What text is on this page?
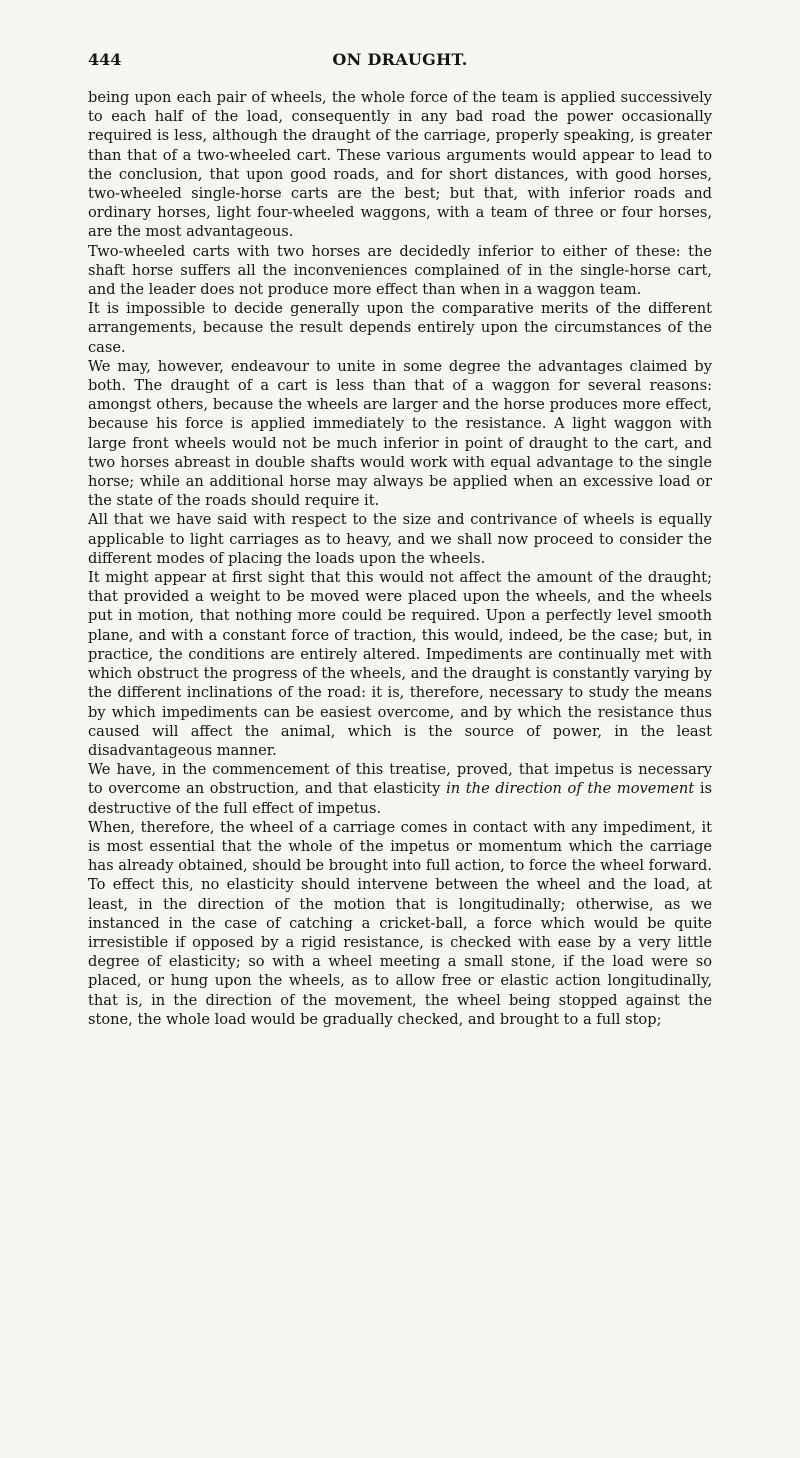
444	ON DRAUGHT.

being upon each pair of wheels, the whole force of the team is applied successively to each half of the load, consequently in any bad road the power occasionally required is less, although the draught of the carriage, properly speaking, is greater than that of a two-wheeled cart. These various arguments would appear to lead to the conclusion, that upon good roads, and for short distances, with good horses, two-wheeled single-horse carts are the best; but that, with inferior roads and ordinary horses, light four-wheeled waggons, with a team of three or four horses, are the most advantageous.

Two-wheeled carts with two horses are decidedly inferior to either of these: the shaft horse suffers all the inconveniences complained of in the single-horse cart, and the leader does not produce more effect than when in a waggon team.

It is impossible to decide generally upon the comparative merits of the different arrangements, because the result depends entirely upon the circumstances of the case.

We may, however, endeavour to unite in some degree the advantages claimed by both. The draught of a cart is less than that of a waggon for several reasons: amongst others, because the wheels are larger and the horse produces more effect, because his force is applied immediately to the resistance. A light waggon with large front wheels would not be much inferior in point of draught to the cart, and two horses abreast in double shafts would work with equal advantage to the single horse; while an additional horse may always be applied when an excessive load or the state of the roads should require it.

All that we have said with respect to the size and contrivance of wheels is equally applicable to light carriages as to heavy, and we shall now proceed to consider the different modes of placing the loads upon the wheels.

It might appear at first sight that this would not affect the amount of the draught; that provided a weight to be moved were placed upon the wheels, and the wheels put in motion, that nothing more could be required. Upon a perfectly level smooth plane, and with a constant force of traction, this would, indeed, be the case; but, in practice, the conditions are entirely altered. Impediments are continually met with which obstruct the progress of the wheels, and the draught is constantly varying by the different inclinations of the road: it is, therefore, necessary to study the means by which impediments can be easiest overcome, and by which the resistance thus caused will affect the animal, which is the source of power, in the least disadvantageous manner.

We have, in the commencement of this treatise, proved, that impetus is necessary to overcome an obstruction, and that elasticity in the direction of the movement is destructive of the full effect of impetus.

When, therefore, the wheel of a carriage comes in contact with any impediment, it is most essential that the whole of the impetus or momentum which the carriage has already obtained, should be brought into full action, to force the wheel forward. To effect this, no elasticity should intervene between the wheel and the load, at least, in the direction of the motion that is longitudinally; otherwise, as we instanced in the case of catching a cricket-ball, a force which would be quite irresistible if opposed by a rigid resistance, is checked with ease by a very little degree of elasticity; so with a wheel meeting a small stone, if the load were so placed, or hung upon the wheels, as to allow free or elastic action longitudinally, that is, in the direction of the movement, the wheel being stopped against the stone, the whole load would be gradually checked, and brought to a full stop;
